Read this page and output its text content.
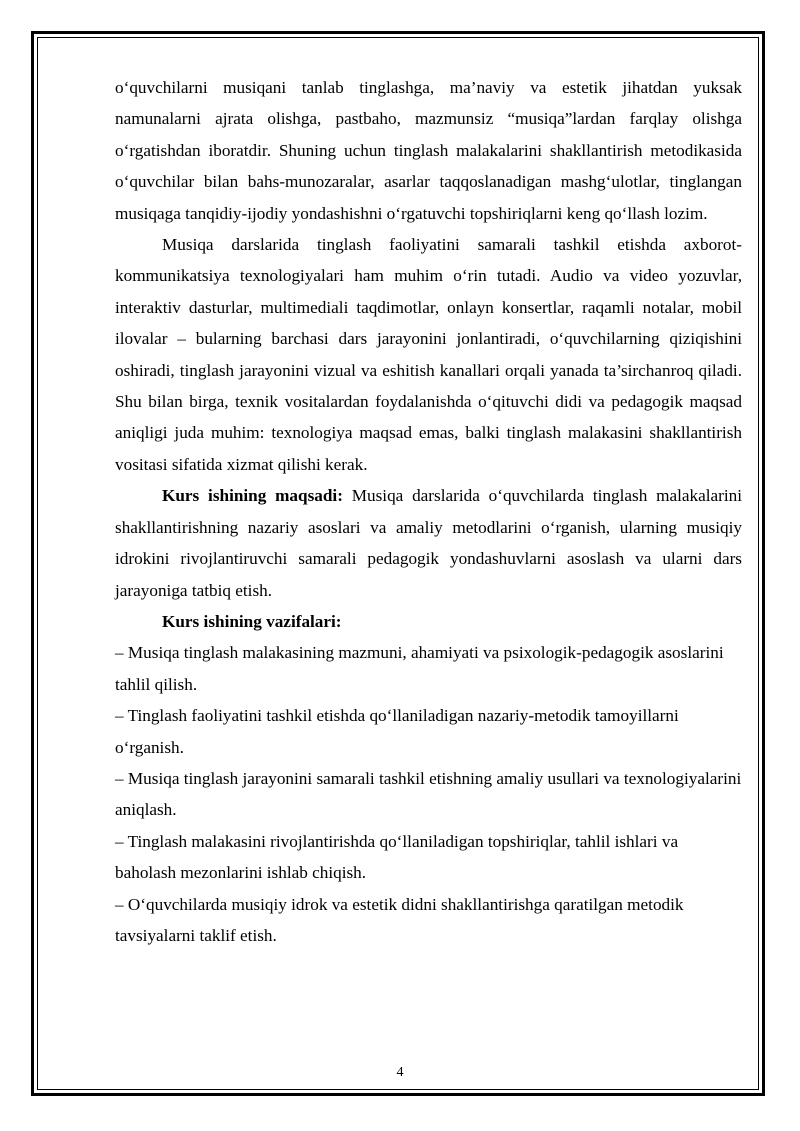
o‘quvchilarni musiqani tanlab tinglashga, ma’naviy va estetik jihatdan yuksak namunalarni ajrata olishga, pastbaho, mazmunsiz “musiqa”lardan farqlay olishga o‘rgatishdan iboratdir. Shuning uchun tinglash malakalarini shakllantirish metodikasida o‘quvchilar bilan bahs-munozaralar, asarlar taqqoslanadigan mashg‘ulotlar, tinglangan musiqaga tanqidiy-ijodiy yondashishni o‘rgatuvchi topshiriqlarni keng qo‘llash lozim.

Musiqa darslarida tinglash faoliyatini samarali tashkil etishda axborot-kommunikatsiya texnologiyalari ham muhim o‘rin tutadi. Audio va video yozuvlar, interaktiv dasturlar, multimediali taqdimotlar, onlayn konsertlar, raqamli notalar, mobil ilovalar – bularning barchasi dars jarayonini jonlantiradi, o‘quvchilarning qiziqishini oshiradi, tinglash jarayonini vizual va eshitish kanallari orqali yanada ta’sirchanroq qiladi. Shu bilan birga, texnik vositalardan foydalanishda o‘qituvchi didi va pedagogik maqsad aniqligi juda muhim: texnologiya maqsad emas, balki tinglash malakasini shakllantirish vositasi sifatida xizmat qilishi kerak.

Kurs ishining maqsadi: Musiqa darslarida o‘quvchilarda tinglash malakalarini shakllantirishning nazariy asoslari va amaliy metodlarini o‘rganish, ularning musiqiy idrokini rivojlantiruvchi samarali pedagogik yondashuvlarni asoslash va ularni dars jarayoniga tatbiq etish.

Kurs ishining vazifalari:

– Musiqa tinglash malakasining mazmuni, ahamiyati va psixologik-pedagogik asoslarini tahlil qilish.

– Tinglash faoliyatini tashkil etishda qo‘llaniladigan nazariy-metodik tamoyillarni o‘rganish.

– Musiqa tinglash jarayonini samarali tashkil etishning amaliy usullari va texnologiyalarini aniqlash.

– Tinglash malakasini rivojlantirishda qo‘llaniladigan topshiriqlar, tahlil ishlari va baholash mezonlarini ishlab chiqish.

– O‘quvchilarda musiqiy idrok va estetik didni shakllantirishga qaratilgan metodik tavsiyalarni taklif etish.

4
